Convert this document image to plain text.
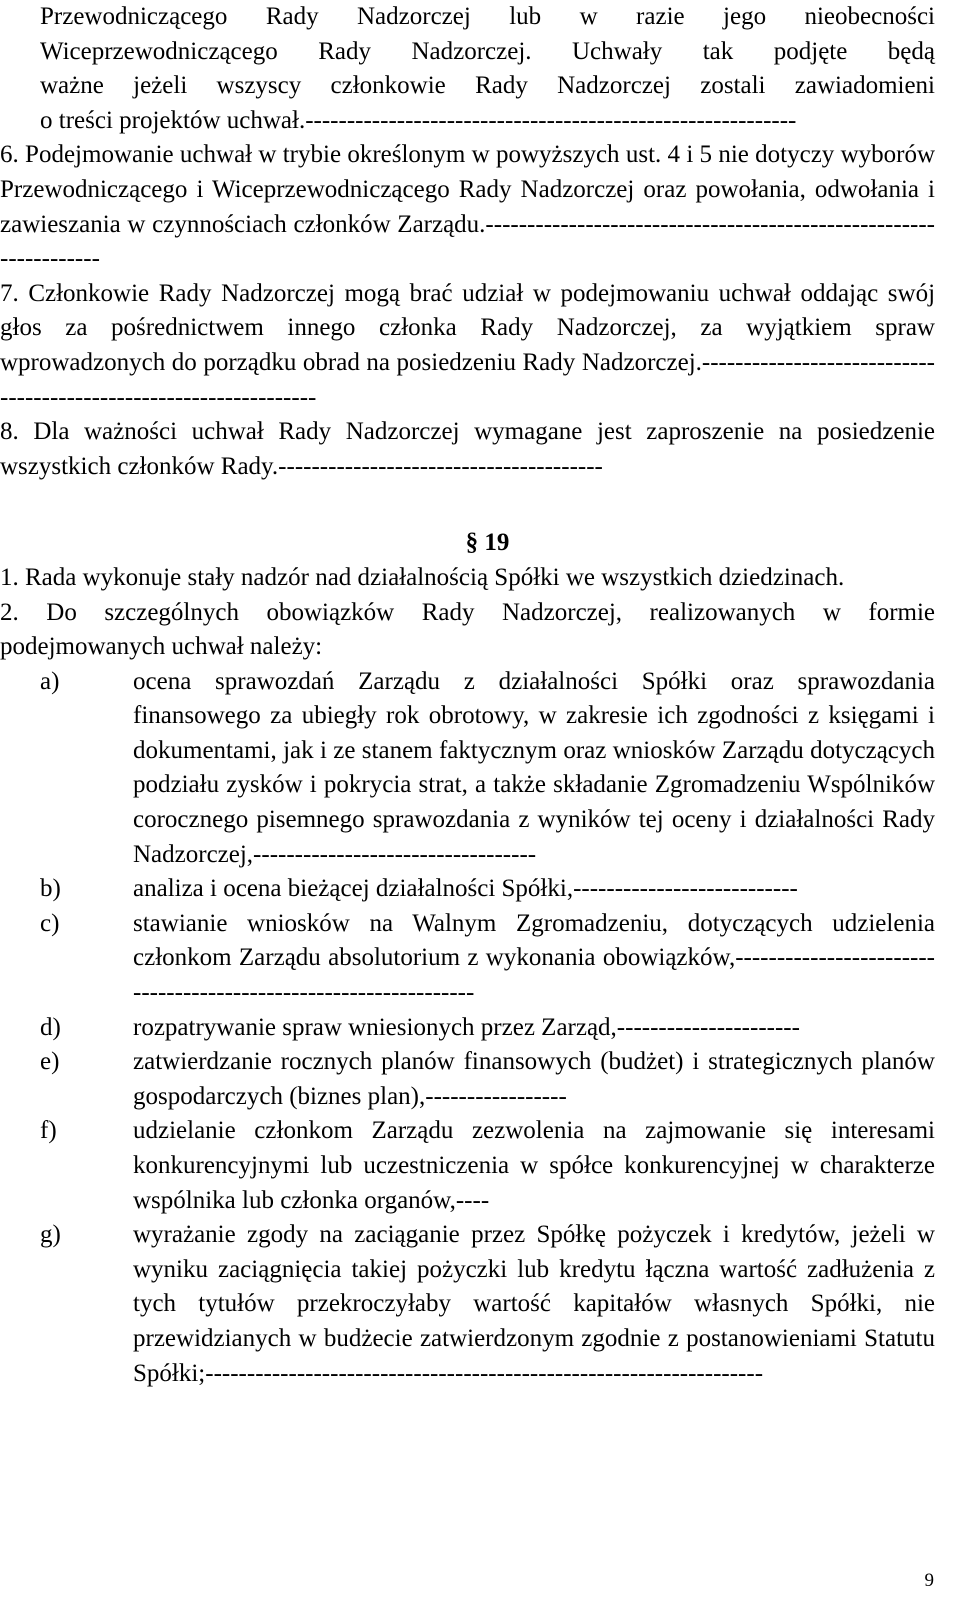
Przewodniczącego Rady Nadzorczej lub w razie jego nieobecności
Wiceprzewodniczącego Rady Nadzorczej. Uchwały tak podjęte będą
ważne jeżeli wszyscy członkowie Rady Nadzorczej zostali zawiadomieni
o treści projektów uchwał.-----------------------------------------------------------
6. Podejmowanie uchwał w trybie określonym w powyższych ust. 4 i 5 nie dotyczy wyborów Przewodniczącego i Wiceprzewodniczącego Rady Nadzorczej oraz powołania, odwołania i zawieszania w czynnościach członków Zarządu.------------------------------------------------------------------
7. Członkowie Rady Nadzorczej mogą brać udział w podejmowaniu uchwał oddając swój głos za pośrednictwem innego członka Rady Nadzorczej, za wyjątkiem spraw wprowadzonych do porządku obrad na posiedzeniu Rady Nadzorczej.------------------------------------------------------------------
8. Dla ważności uchwał Rady Nadzorczej wymagane jest zaproszenie na posiedzenie wszystkich członków Rady.---------------------------------------
§ 19
1. Rada wykonuje stały nadzór nad działalnością Spółki we wszystkich dziedzinach.
2. Do szczególnych obowiązków Rady Nadzorczej, realizowanych w formie podejmowanych uchwał należy:
a)	ocena sprawozdań Zarządu z działalności Spółki oraz sprawozdania finansowego za ubiegły rok obrotowy, w zakresie ich zgodności z księgami i dokumentami, jak i ze stanem faktycznym oraz wniosków Zarządu dotyczących podziału zysków i pokrycia strat, a także składanie Zgromadzeniu Wspólników corocznego pisemnego sprawozdania z wyników tej oceny i działalności Rady Nadzorczej,----------------------------------
b)	analiza i ocena bieżącej działalności Spółki,---------------------------
c)	stawianie wniosków na Walnym Zgromadzeniu, dotyczących udzielenia członkom Zarządu absolutorium z wykonania obowiązków,-----------------------------------------------------------------
d)	rozpatrywanie spraw wniesionych przez Zarząd,----------------------
e)	zatwierdzanie rocznych planów finansowych (budżet) i strategicznych planów gospodarczych (biznes plan),-----------------
f)	udzielanie członkom Zarządu zezwolenia na zajmowanie się interesami konkurencyjnymi lub uczestniczenia w spółce konkurencyjnej w charakterze wspólnika lub członka organów,----
g)	wyrażanie zgody na zaciąganie przez Spółkę pożyczek i kredytów, jeżeli w wyniku zaciągnięcia takiej pożyczki lub kredytu łączna wartość zadłużenia z tych tytułów przekroczyłaby wartość kapitałów własnych Spółki, nie przewidzianych w budżecie zatwierdzonym zgodnie z postanowieniami Statutu Spółki;-------------------------------------------------------------------
9
